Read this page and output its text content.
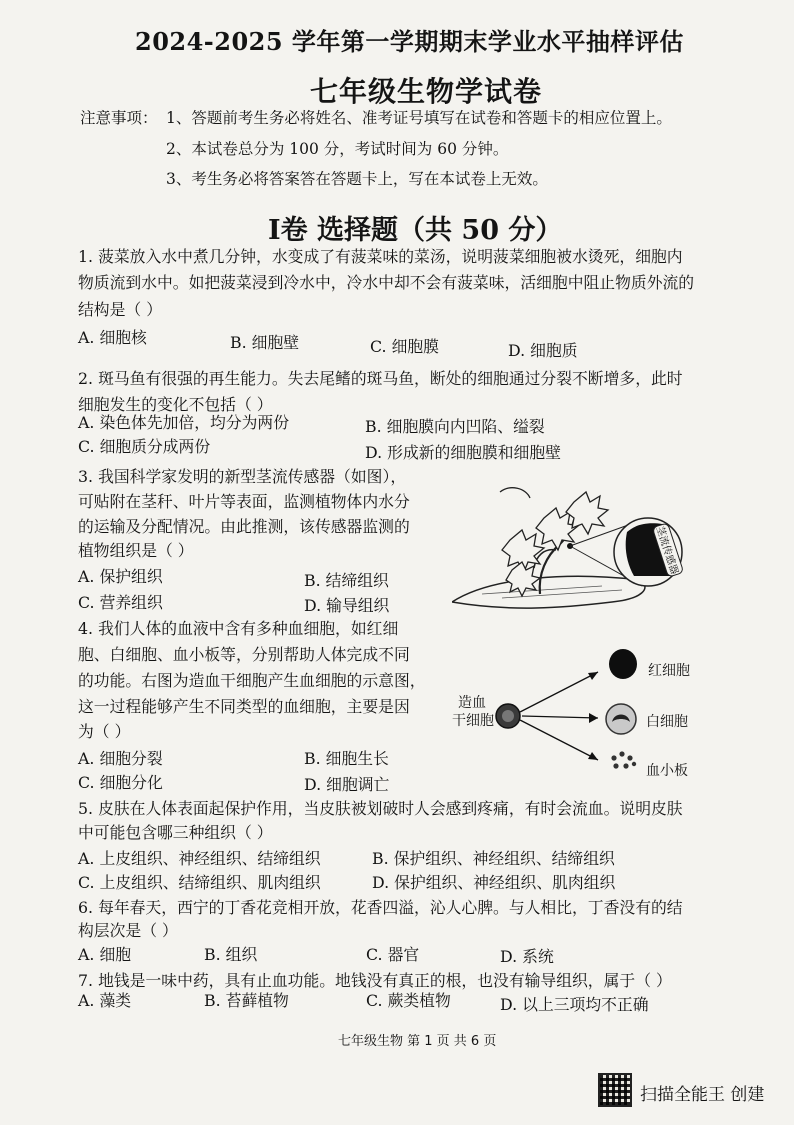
2024-2025 学年第一学期期末学业水平抽样评估
七年级生物学试卷
注意事项： 1、答题前考生务必将姓名、准考证号填写在试卷和答题卡的相应位置上。
2、本试卷总分为 100 分，考试时间为 60 分钟。
3、考生务必将答案答在答题卡上，写在本试卷上无效。
I卷 选择题（共 50 分）
1. 菠菜放入水中煮几分钟，水变成了有菠菜味的菜汤，说明菠菜细胞被水烫死，细胞内
物质流到水中。如把菠菜浸到冷水中，冷水中却不会有菠菜味，活细胞中阻止物质外流的
结构是（ ）
A. 细胞核	B. 细胞壁	C. 细胞膜	D. 细胞质
2. 斑马鱼有很强的再生能力。失去尾鳍的斑马鱼，断处的细胞通过分裂不断增多，此时
细胞发生的变化不包括（ ）
A. 染色体先加倍，均分为两份	B. 细胞膜向内凹陷、缢裂
C. 细胞质分成两份	D. 形成新的细胞膜和细胞壁
3. 我国科学家发明的新型茎流传感器（如图），
可贴附在茎秆、叶片等表面，监测植物体内水分
的运输及分配情况。由此推测，该传感器监测的
植物组织是（ ）
A. 保护组织	B. 结缔组织
C. 营养组织	D. 输导组织
茎流传感器
4. 我们人体的血液中含有多种血细胞，如红细
胞、白细胞、血小板等，分别帮助人体完成不同
的功能。右图为造血干细胞产生血细胞的示意图，
这一过程能够产生不同类型的血细胞，主要是因
为（ ）
A. 细胞分裂	B. 细胞生长
C. 细胞分化	D. 细胞调亡
造血
干细胞
红细胞
白细胞
血小板
5. 皮肤在人体表面起保护作用，当皮肤被划破时人会感到疼痛，有时会流血。说明皮肤
中可能包含哪三种组织（ ）
A. 上皮组织、神经组织、结缔组织	B. 保护组织、神经组织、结缔组织
C. 上皮组织、结缔组织、肌肉组织	D. 保护组织、神经组织、肌肉组织
6. 每年春天，西宁的丁香花竞相开放，花香四溢，沁人心脾。与人相比，丁香没有的结
构层次是（ ）
A. 细胞	B. 组织	C. 器官	D. 系统
7. 地钱是一味中药，具有止血功能。地钱没有真正的根，也没有输导组织，属于（ ）
A. 藻类	B. 苔藓植物	C. 蕨类植物	D. 以上三项均不正确
七年级生物 第 1 页 共 6 页
扫描全能王 创建
